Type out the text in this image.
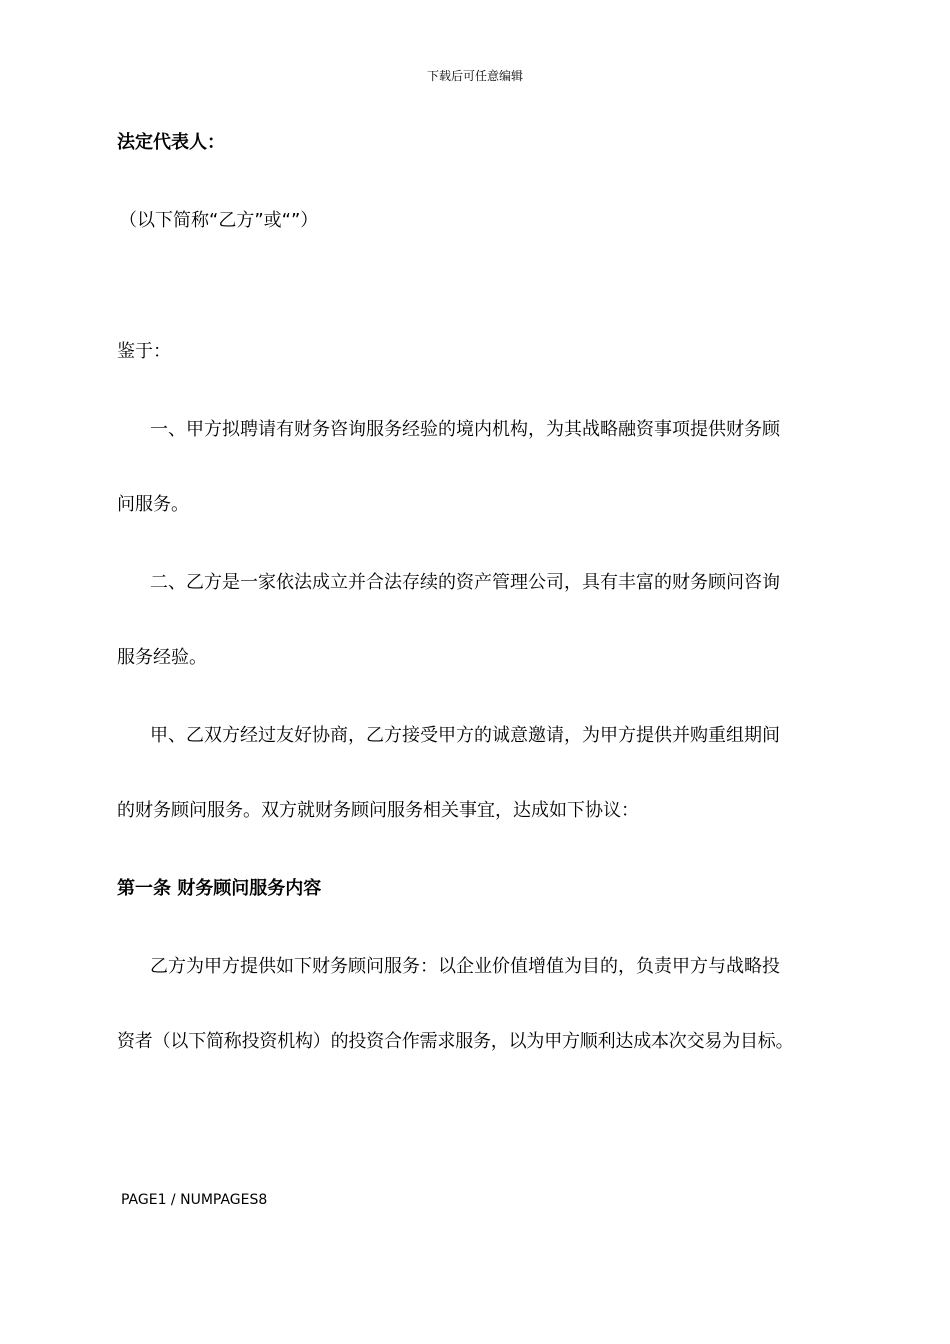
下载后可任意编辑
法定代表人：
（以下简称“乙方”或“”）
鉴于：
一、甲方拟聘请有财务咨询服务经验的境内机构，为其战略融资事项提供财务顾
问服务。
二、乙方是一家依法成立并合法存续的资产管理公司，具有丰富的财务顾问咨询
服务经验。
甲、乙双方经过友好协商，乙方接受甲方的诚意邀请，为甲方提供并购重组期间
的财务顾问服务。双方就财务顾问服务相关事宜，达成如下协议：
第一条 财务顾问服务内容
乙方为甲方提供如下财务顾问服务：以企业价值增值为目的，负责甲方与战略投
资者（以下简称投资机构）的投资合作需求服务，以为甲方顺利达成本次交易为目标。
PAGE1 / NUMPAGES8
